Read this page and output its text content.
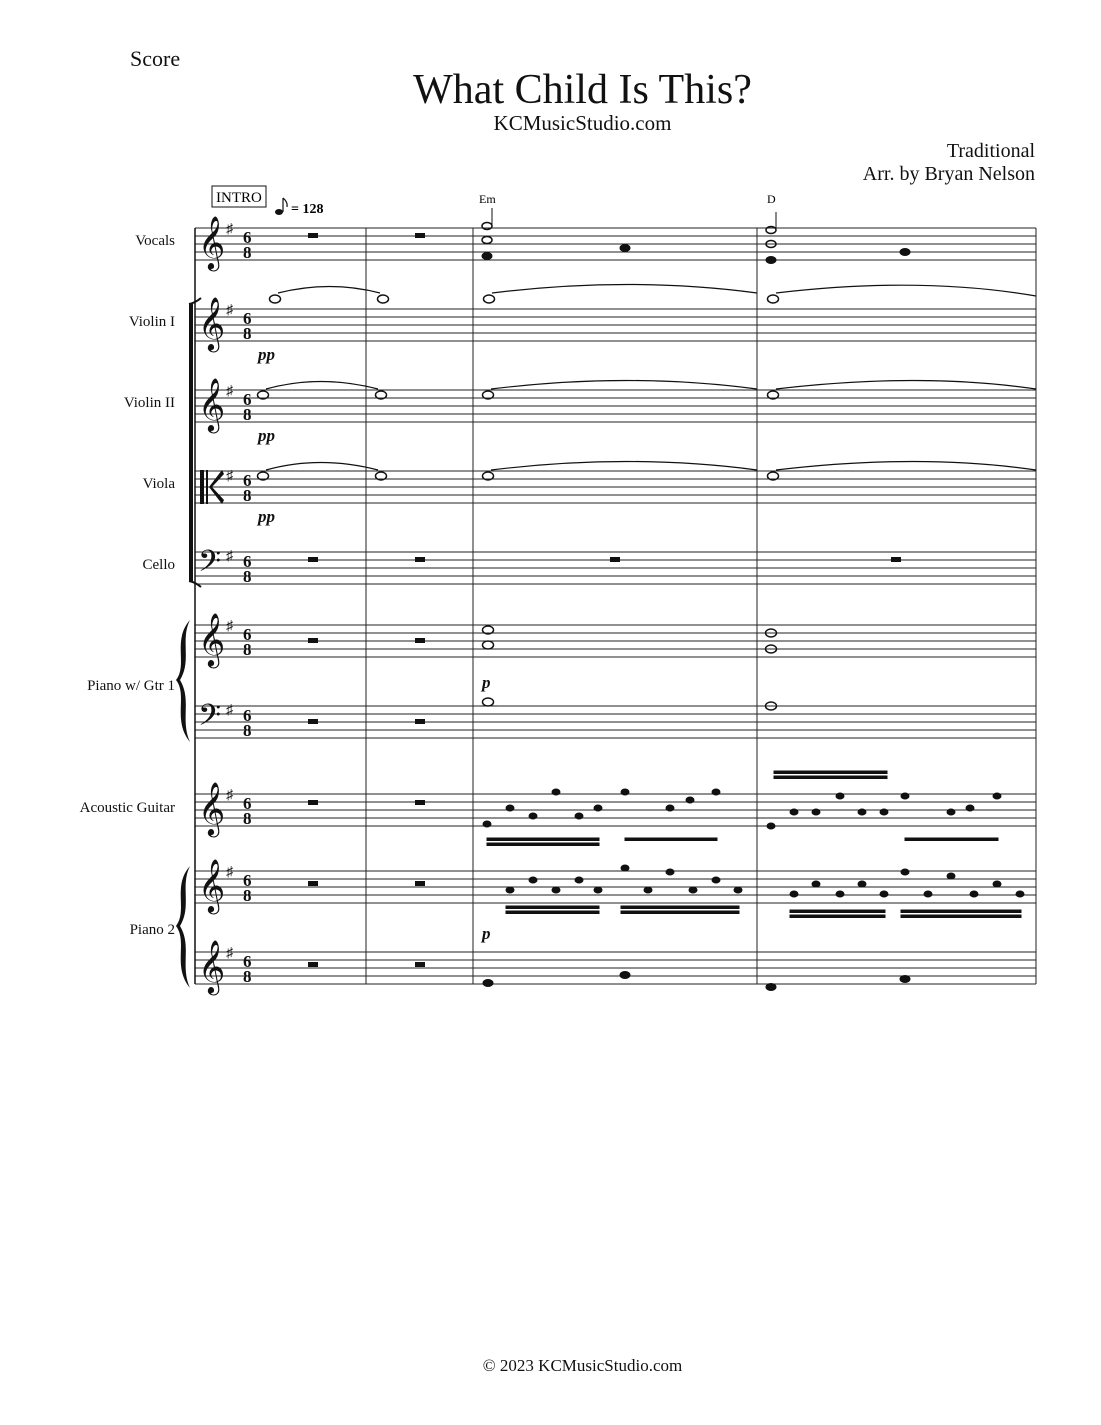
Score
What Child Is This?
KCMusicStudio.com
Traditional
Arr. by Bryan Nelson
Vocals
Violin I
Violin II
Viola
Cello
Piano w/ Gtr 1
Acoustic Guitar
Piano 2
𝄞
𝄞
𝄞
𝄞
𝄞
𝄞
𝄞
𝄢
𝄢
♯
♯
♯
♯
♯
♯
♯
♯
♯
♯
6
8
6
8
6
8
6
8
6
8
6
8
6
8
6
8
6
8
6
8
INTRO
= 128
Em	D
pp
pp
pp
p
p
© 2023 KCMusicStudio.com
